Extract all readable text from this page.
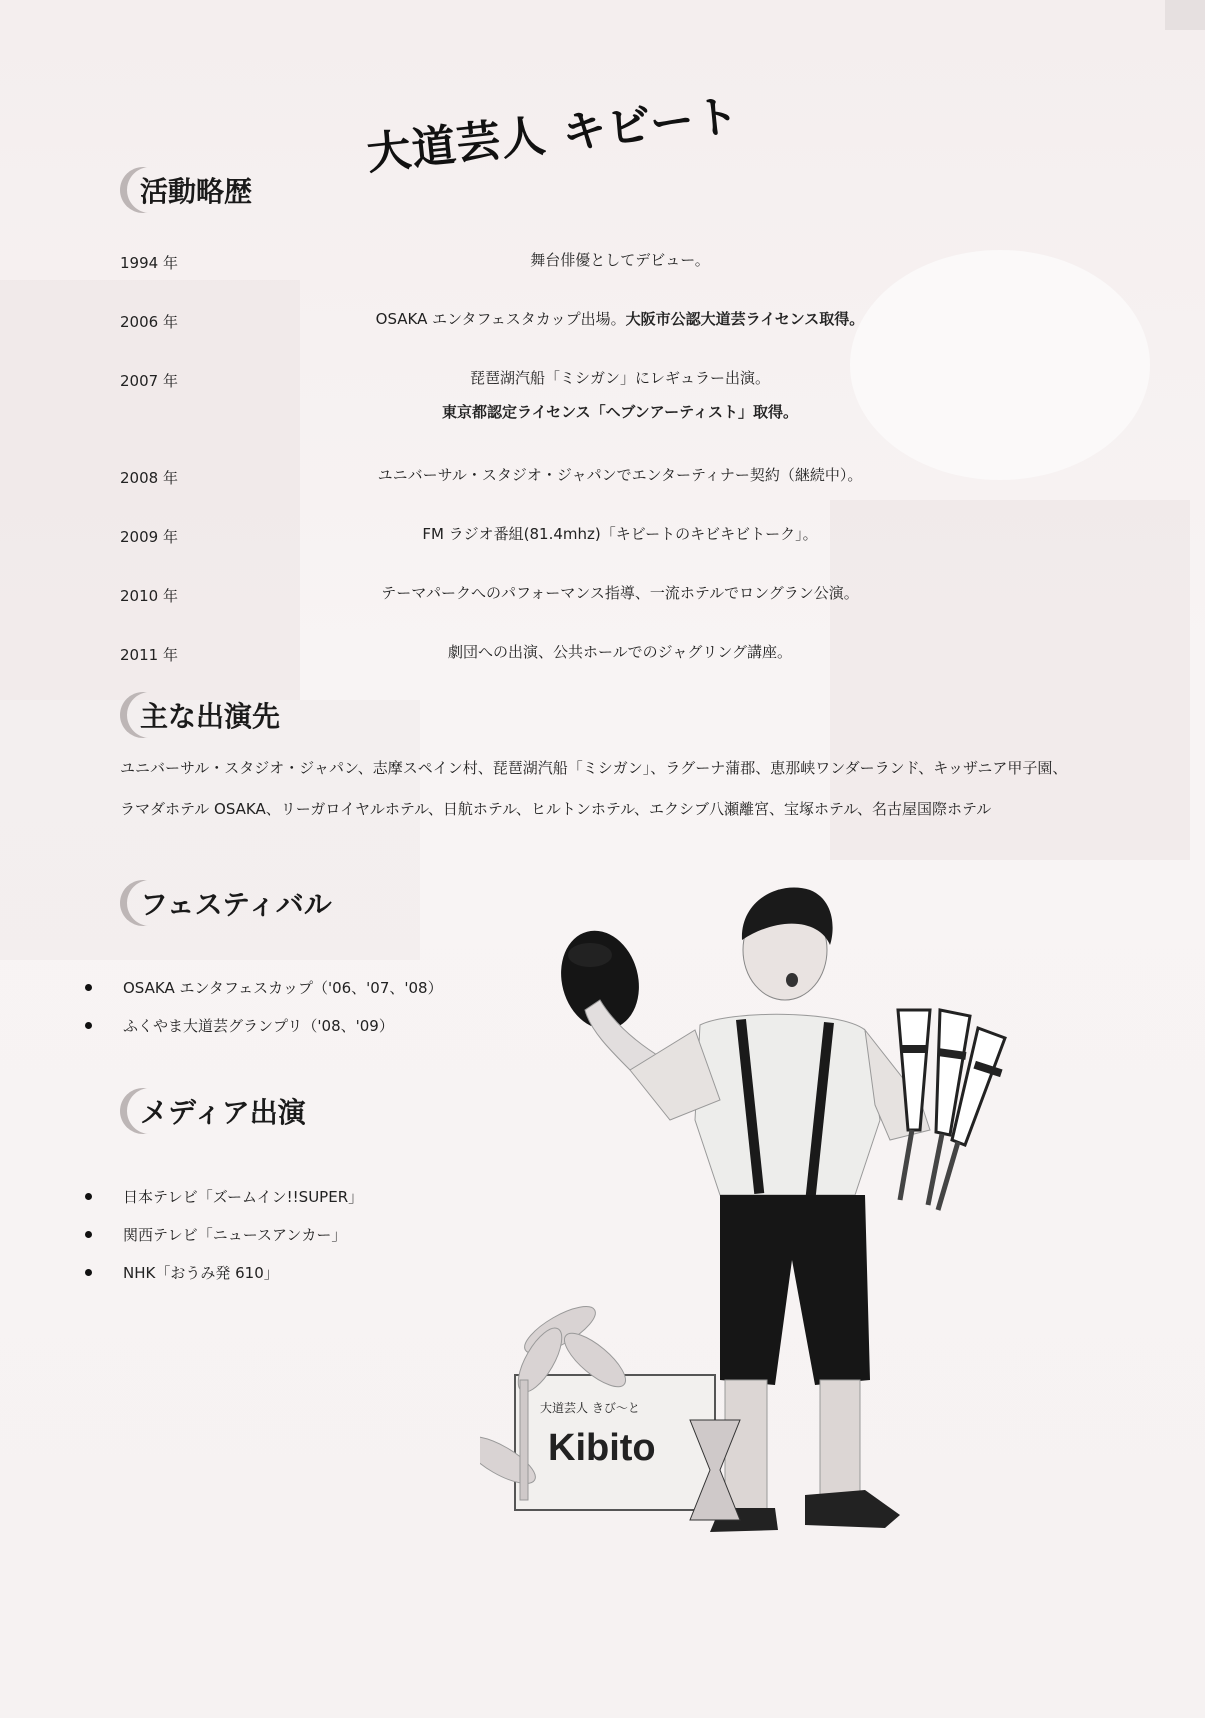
大道芸人 キビート
活動略歴
1994 年	舞台俳優としてデビュー。
2006 年	OSAKA エンタフェスタカップ出場。大阪市公認大道芸ライセンス取得。
2007 年	琵琶湖汽船「ミシガン」にレギュラー出演。
東京都認定ライセンス「ヘブンアーティスト」取得。
2008 年	ユニバーサル・スタジオ・ジャパンでエンターティナー契約（継続中）。
2009 年	FM ラジオ番組(81.4mhz)「キビートのキビキビトーク」。
2010 年	テーマパークへのパフォーマンス指導、一流ホテルでロングラン公演。
2011 年	劇団への出演、公共ホールでのジャグリング講座。
主な出演先
ユニバーサル・スタジオ・ジャパン、志摩スペイン村、琵琶湖汽船「ミシガン」、ラグーナ蒲郡、恵那峡ワンダーランド、キッザニア甲子園、ラマダホテル OSAKA、リーガロイヤルホテル、日航ホテル、ヒルトンホテル、エクシブ八瀬離宮、宝塚ホテル、名古屋国際ホテル
フェスティバル
OSAKA エンタフェスカップ（'06、'07、'08）
ふくやま大道芸グランプリ（'08、'09）
メディア出演
日本テレビ「ズームイン!!SUPER」
関西テレビ「ニュースアンカー」
NHK「おうみ発 610」
大道芸人 きび～と
Kibito
